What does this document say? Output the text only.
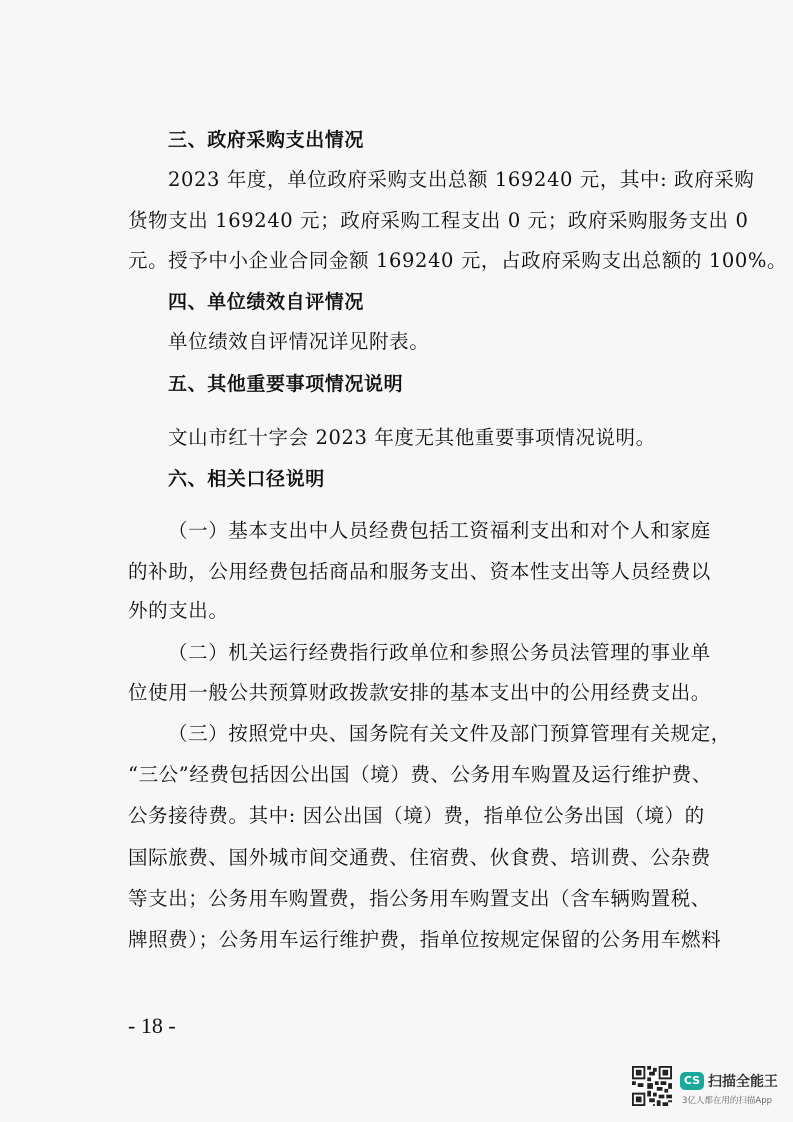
三、政府采购支出情况

2023 年度，单位政府采购支出总额 169240 元，其中: 政府采购

货物支出 169240 元；政府采购工程支出 0 元；政府采购服务支出 0

元。授予中小企业合同金额 169240 元，占政府采购支出总额的 100%。

四、单位绩效自评情况

单位绩效自评情况详见附表。

五、其他重要事项情况说明

文山市红十字会 2023 年度无其他重要事项情况说明。

六、相关口径说明

（一）基本支出中人员经费包括工资福利支出和对个人和家庭

的补助，公用经费包括商品和服务支出、资本性支出等人员经费以

外的支出。

（二）机关运行经费指行政单位和参照公务员法管理的事业单

位使用一般公共预算财政拨款安排的基本支出中的公用经费支出。

（三）按照党中央、国务院有关文件及部门预算管理有关规定，

“三公”经费包括因公出国（境）费、公务用车购置及运行维护费、

公务接待费。其中: 因公出国（境）费，指单位公务出国（境）的

国际旅费、国外城市间交通费、住宿费、伙食费、培训费、公杂费

等支出；公务用车购置费，指公务用车购置支出（含车辆购置税、

牌照费）；公务用车运行维护费，指单位按规定保留的公务用车燃料

- 18 -
CS 扫描全能王
3亿人都在用的扫描App
